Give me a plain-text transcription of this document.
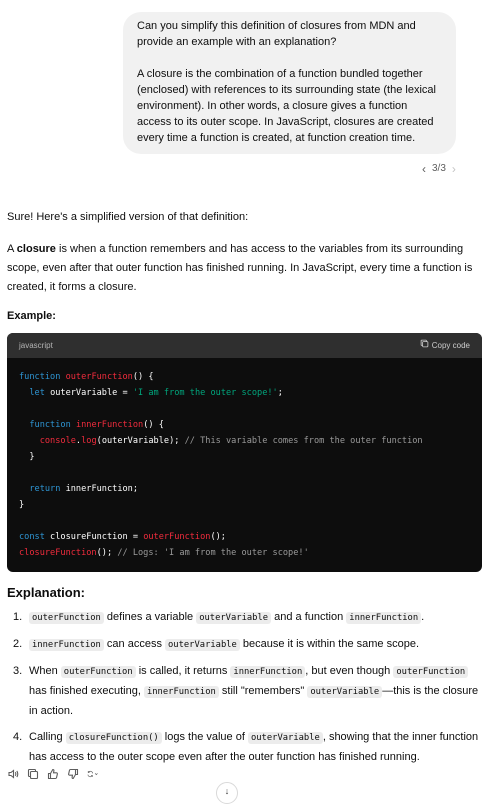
Can you simplify this definition of closures from MDN and provide an example with an explanation?

A closure is the combination of a function bundled together (enclosed) with references to its surrounding state (the lexical environment). In other words, a closure gives a function access to its outer scope. In JavaScript, closures are created every time a function is created, at function creation time.

‹ 3/3 ›

Sure! Here's a simplified version of that definition:

A closure is when a function remembers and has access to the variables from its surrounding scope, even after that outer function has finished running. In JavaScript, every time a function is created, it forms a closure.

Example:

javascript	Copy code
function outerFunction() {
let outerVariable = 'I am from the outer scope!';
function innerFunction() {
console.log(outerVariable); // This variable comes from the outer function
}
return innerFunction;
}
const closureFunction = outerFunction();
closureFunction(); // Logs: 'I am from the outer scope!'

Explanation:

1.	outerFunction defines a variable outerVariable and a function innerFunction .
2.	innerFunction can access outerVariable because it is within the same scope.
3. When outerFunction is called, it returns innerFunction , but even though outerFunction has finished executing, innerFunction still "remembers" outerVariable —this is the closure in action.
4. Calling closureFunction() logs the value of outerVariable , showing that the inner function has access to the outer scope even after the outer function has finished running.
↓
